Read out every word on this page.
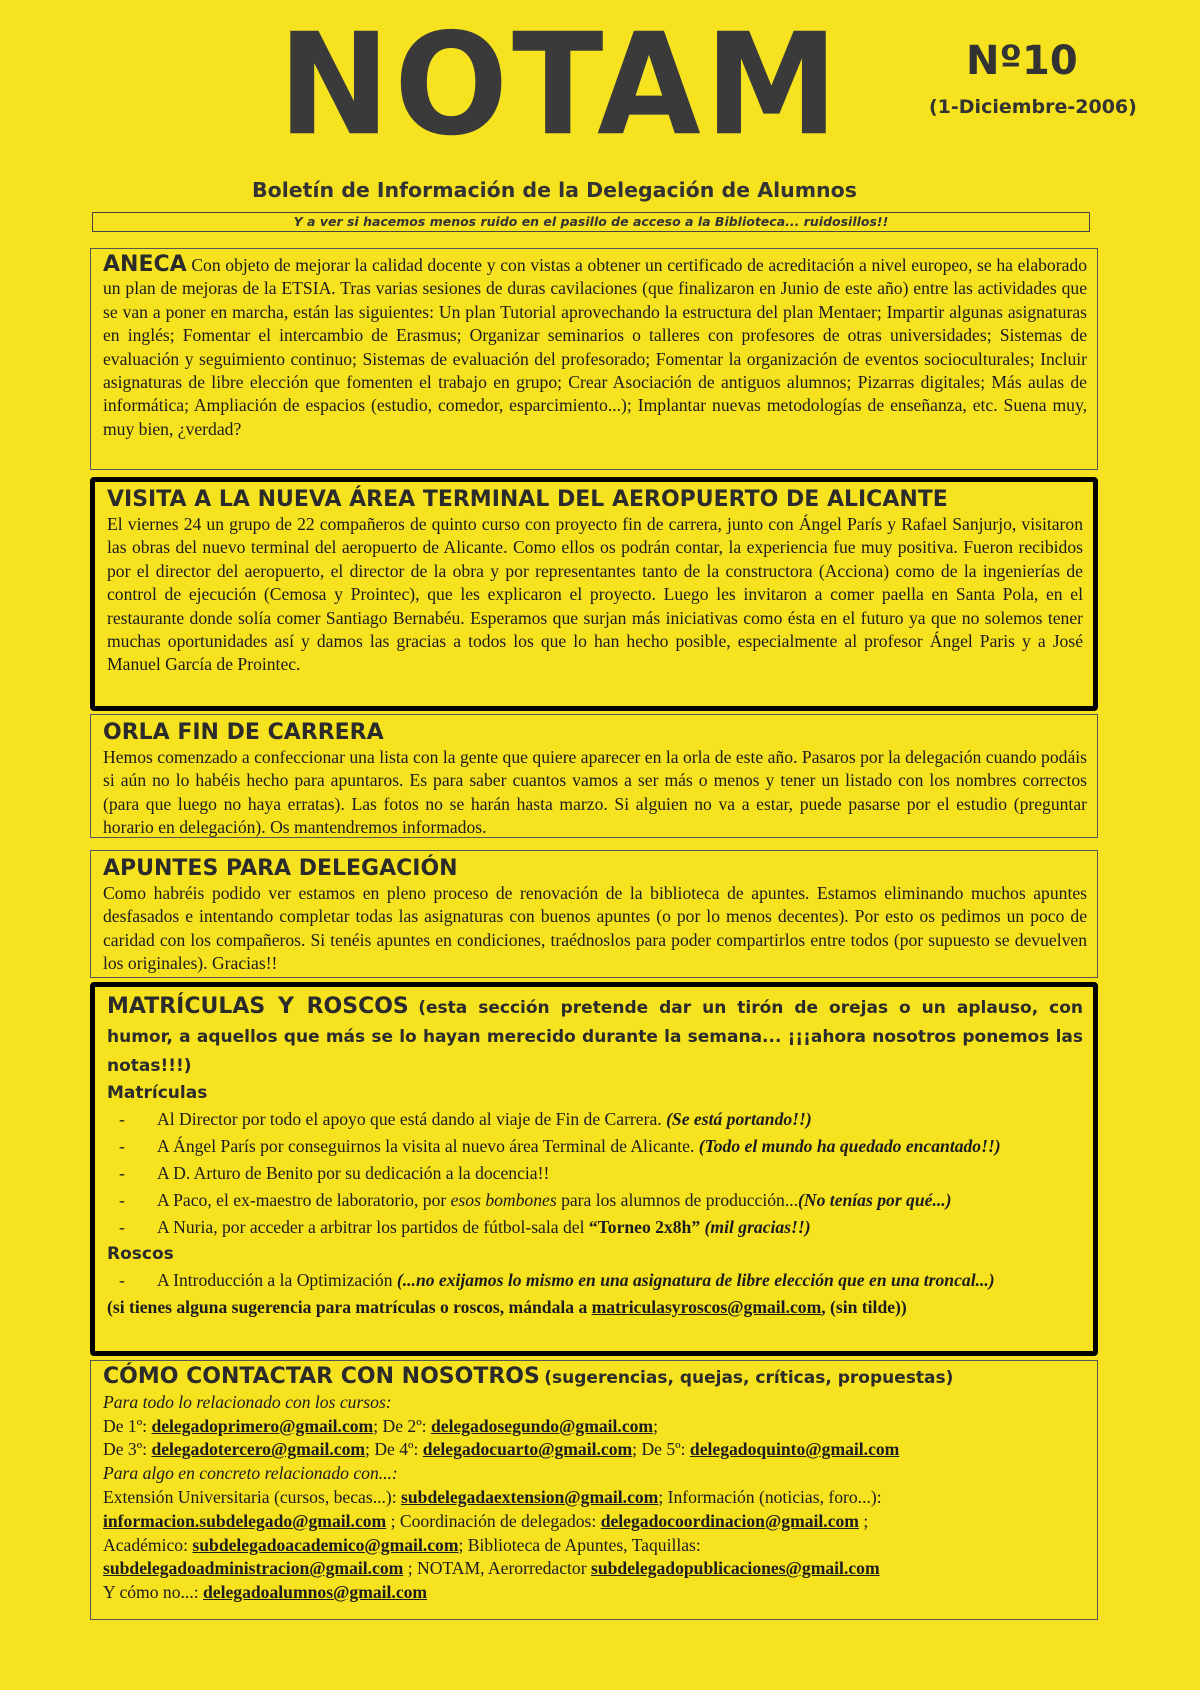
NOTAM	Nº10
(1-Diciembre-2006)
Boletín de Información de la Delegación de Alumnos
Y a ver si hacemos menos ruido en el pasillo de acceso a la Biblioteca... ruidosillos!!
ANECA Con objeto de mejorar la calidad docente y con vistas a obtener un certificado de acreditación a nivel europeo, se ha elaborado un plan de mejoras de la ETSIA. Tras varias sesiones de duras cavilaciones (que finalizaron en Junio de este año) entre las actividades que se van a poner en marcha, están las siguientes: Un plan Tutorial aprovechando la estructura del plan Mentaer; Impartir algunas asignaturas en inglés; Fomentar el intercambio de Erasmus; Organizar seminarios o talleres con profesores de otras universidades; Sistemas de evaluación y seguimiento continuo; Sistemas de evaluación del profesorado; Fomentar la organización de eventos socioculturales; Incluir asignaturas de libre elección que fomenten el trabajo en grupo; Crear Asociación de antiguos alumnos; Pizarras digitales; Más aulas de informática; Ampliación de espacios (estudio, comedor, esparcimiento...); Implantar nuevas metodologías de enseñanza, etc. Suena muy, muy bien, ¿verdad?
VISITA A LA NUEVA ÁREA TERMINAL DEL AEROPUERTO DE ALICANTE
El viernes 24 un grupo de 22 compañeros de quinto curso con proyecto fin de carrera, junto con Ángel París y Rafael Sanjurjo, visitaron las obras del nuevo terminal del aeropuerto de Alicante. Como ellos os podrán contar, la experiencia fue muy positiva. Fueron recibidos por el director del aeropuerto, el director de la obra y por representantes tanto de la constructora (Acciona) como de la ingenierías de control de ejecución (Cemosa y Prointec), que les explicaron el proyecto. Luego les invitaron a comer paella en Santa Pola, en el restaurante donde solía comer Santiago Bernabéu. Esperamos que surjan más iniciativas como ésta en el futuro ya que no solemos tener muchas oportunidades así y damos las gracias a todos los que lo han hecho posible, especialmente al profesor Ángel Paris y a José Manuel García de Prointec.
ORLA FIN DE CARRERA
Hemos comenzado a confeccionar una lista con la gente que quiere aparecer en la orla de este año. Pasaros por la delegación cuando podáis si aún no lo habéis hecho para apuntaros. Es para saber cuantos vamos a ser más o menos y tener un listado con los nombres correctos (para que luego no haya erratas). Las fotos no se harán hasta marzo. Si alguien no va a estar, puede pasarse por el estudio (preguntar horario en delegación). Os mantendremos informados.
APUNTES PARA DELEGACIÓN
Como habréis podido ver estamos en pleno proceso de renovación de la biblioteca de apuntes. Estamos eliminando muchos apuntes desfasados e intentando completar todas las asignaturas con buenos apuntes (o por lo menos decentes). Por esto os pedimos un poco de caridad con los compañeros. Si tenéis apuntes en condiciones, traédnoslos para poder compartirlos entre todos (por supuesto se devuelven los originales). Gracias!!
MATRÍCULAS Y ROSCOS (esta sección pretende dar un tirón de orejas o un aplauso, con humor, a aquellos que más se lo hayan merecido durante la semana... ¡¡¡ahora nosotros ponemos las notas!!!)
Matrículas
- Al Director por todo el apoyo que está dando al viaje de Fin de Carrera. (Se está portando!!)
- A Ángel París por conseguirnos la visita al nuevo área Terminal de Alicante. (Todo el mundo ha quedado encantado!!)
- A D. Arturo de Benito por su dedicación a la docencia!!
- A Paco, el ex-maestro de laboratorio, por esos bombones para los alumnos de producción...(No tenías por qué...)
- A Nuria, por acceder a arbitrar los partidos de fútbol-sala del “Torneo 2x8h” (mil gracias!!)
Roscos
- A Introducción a la Optimización (...no exijamos lo mismo en una asignatura de libre elección que en una troncal...)
(si tienes alguna sugerencia para matrículas o roscos, mándala a matriculasyroscos@gmail.com, (sin tilde))
CÓMO CONTACTAR CON NOSOTROS (sugerencias, quejas, críticas, propuestas)
Para todo lo relacionado con los cursos:
De 1º: delegadoprimero@gmail.com; De 2º: delegadosegundo@gmail.com;
De 3º: delegadotercero@gmail.com; De 4º: delegadocuarto@gmail.com; De 5º: delegadoquinto@gmail.com
Para algo en concreto relacionado con...:
Extensión Universitaria (cursos, becas...): subdelegadaextension@gmail.com; Información (noticias, foro...):
informacion.subdelegado@gmail.com ; Coordinación de delegados: delegadocoordinacion@gmail.com ;
Académico: subdelegadoacademico@gmail.com; Biblioteca de Apuntes, Taquillas:
subdelegadoadministracion@gmail.com ; NOTAM, Aerorredactor subdelegadopublicaciones@gmail.com
Y cómo no...: delegadoalumnos@gmail.com
